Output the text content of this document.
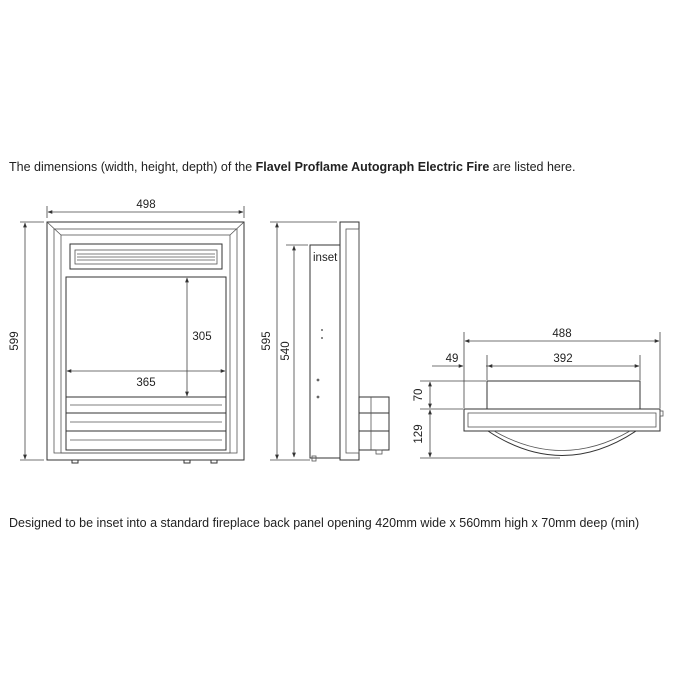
The dimensions (width, height, depth) of the Flavel Proflame Autograph Electric Fire are listed here.
498
599
365
305
inset
595
540
488
392
49
70
129
Designed to be inset into a standard fireplace back panel opening 420mm wide x 560mm high x 70mm deep (min)
